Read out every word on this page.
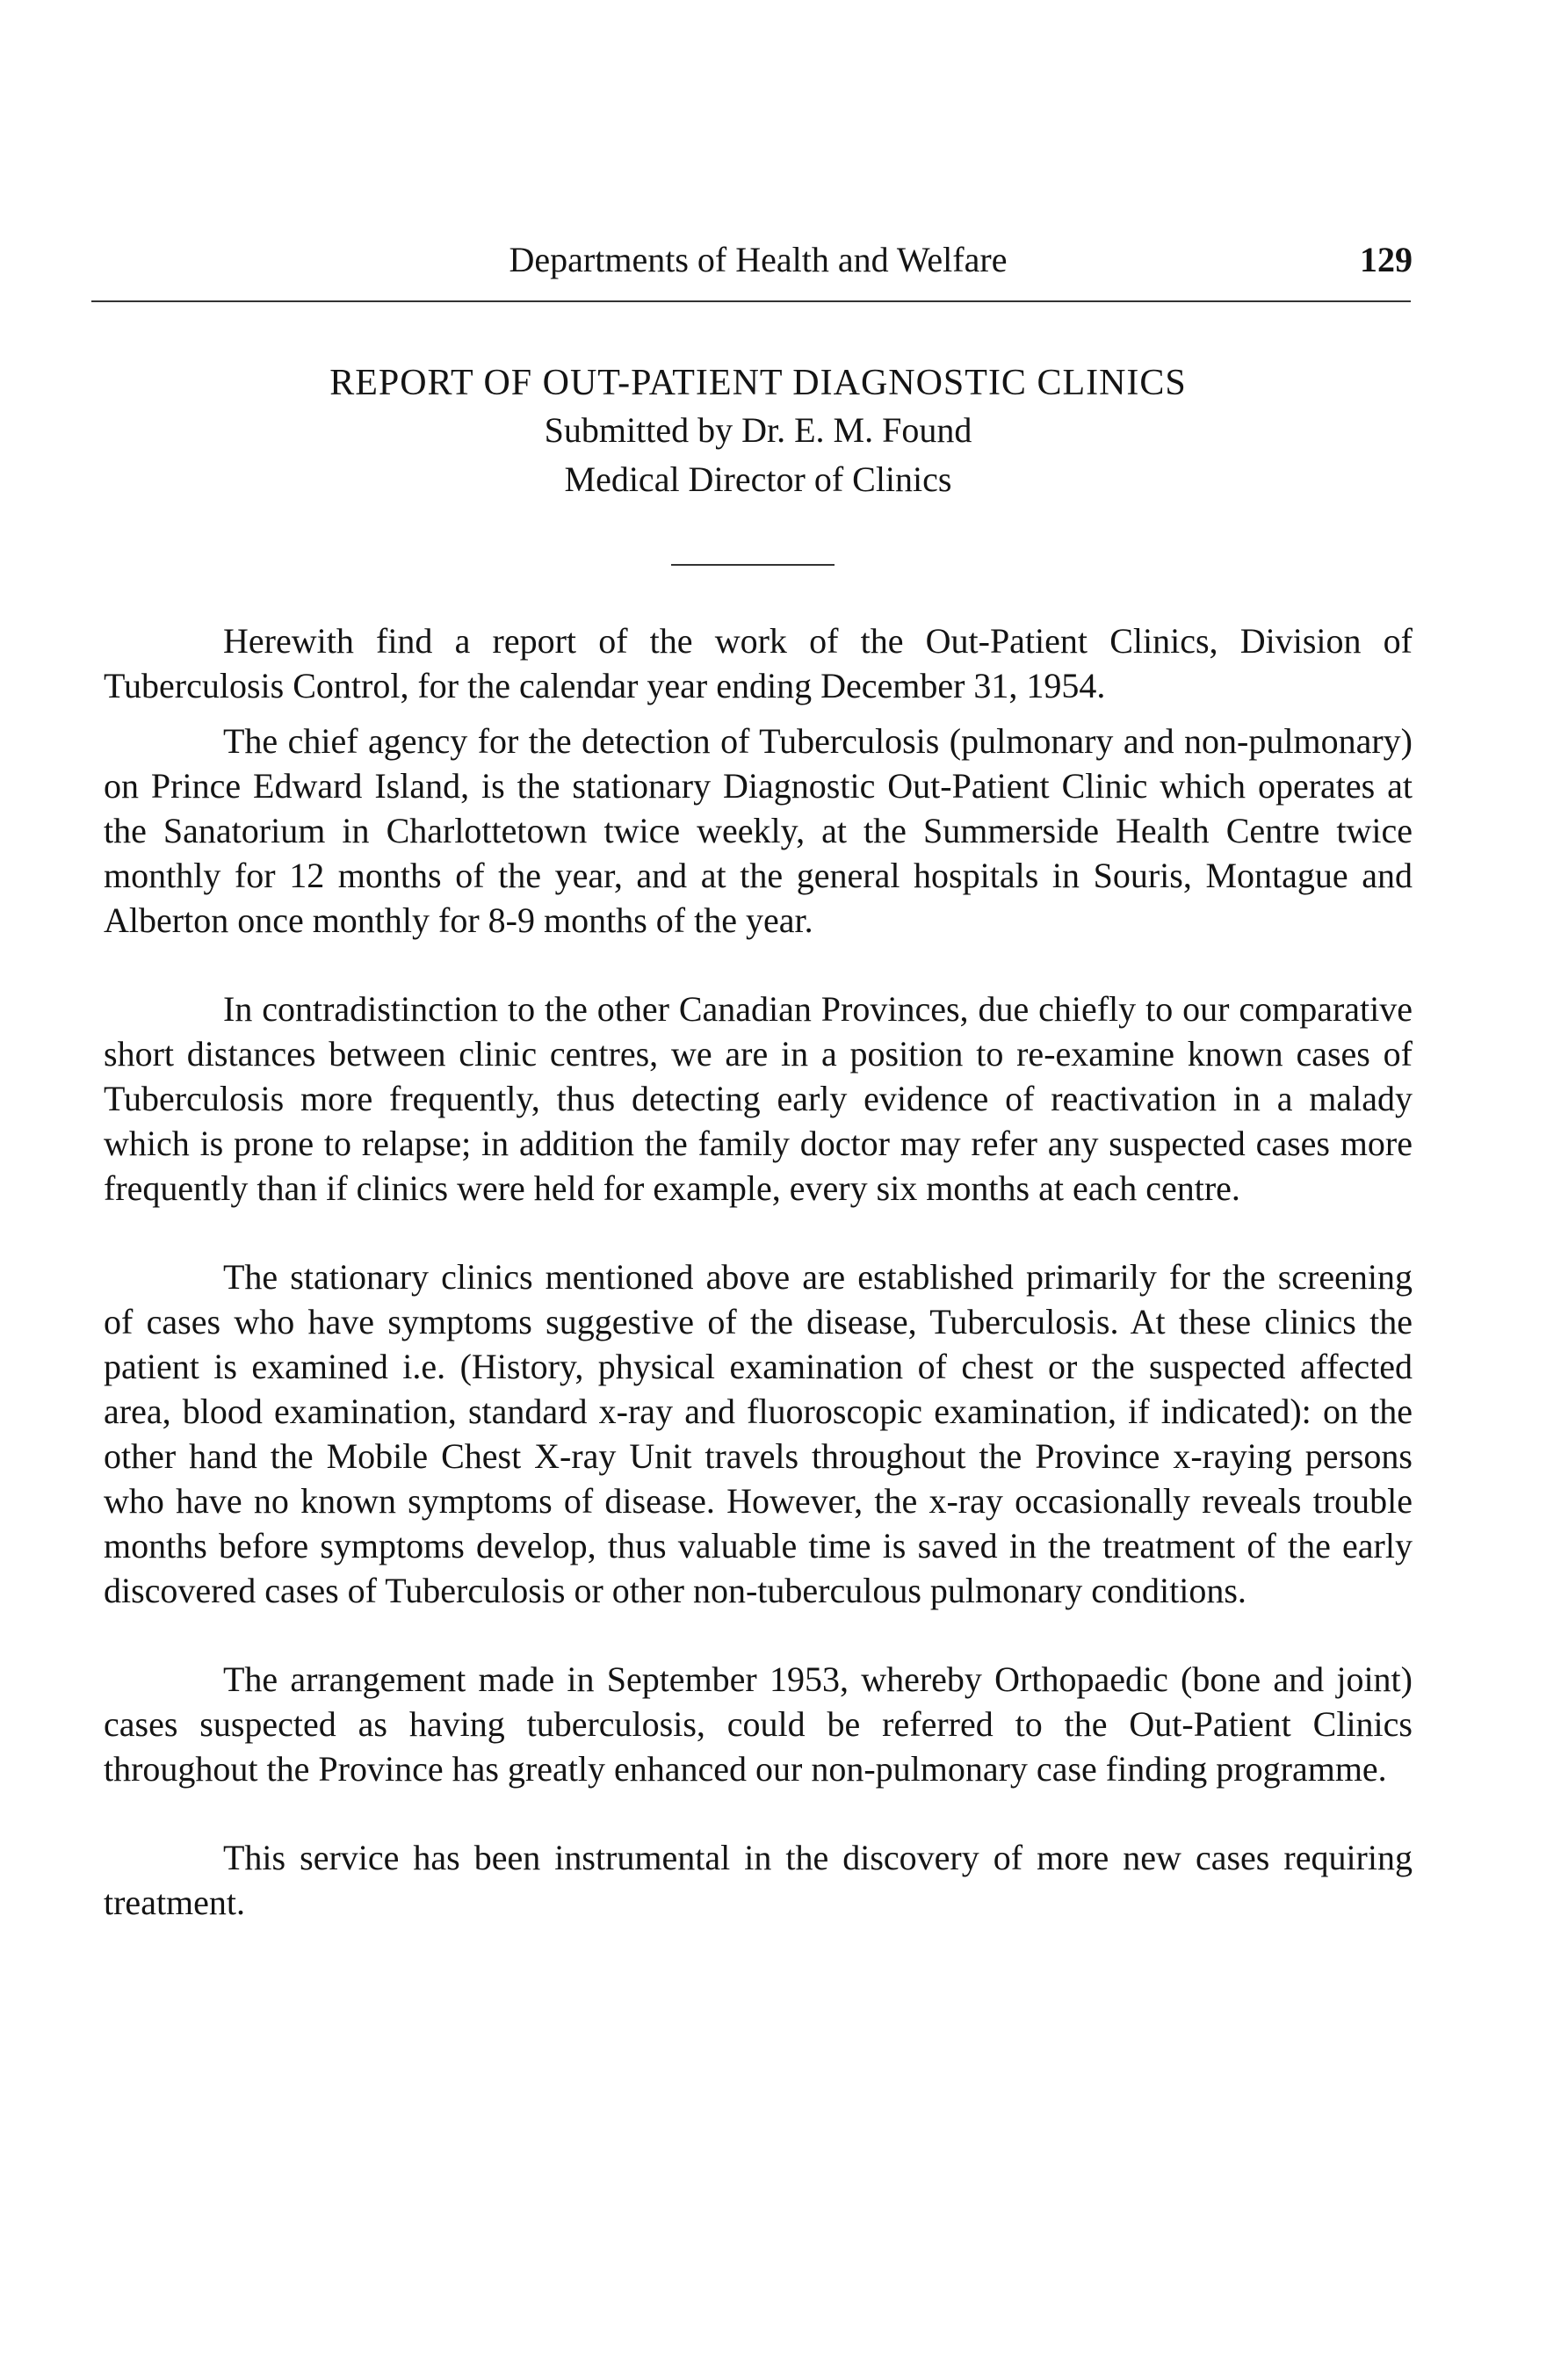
Departments of Health and Welfare	129
REPORT OF OUT-PATIENT DIAGNOSTIC CLINICS

Submitted by Dr. E. M. Found

Medical Director of Clinics

Herewith find a report of the work of the Out-Patient Clinics, Division of Tuberculosis Control, for the calendar year ending December 31, 1954.

The chief agency for the detection of Tuberculosis (pulmonary and non-pulmonary) on Prince Edward Island, is the stationary Diagnostic Out-Patient Clinic which operates at the Sanatorium in Charlottetown twice weekly, at the Summerside Health Centre twice monthly for 12 months of the year, and at the general hospitals in Souris, Montague and Alberton once monthly for 8-9 months of the year.

In contradistinction to the other Canadian Provinces, due chiefly to our comparative short distances between clinic centres, we are in a position to re-examine known cases of Tuberculosis more frequently, thus detecting early evidence of reactivation in a malady which is prone to relapse; in addition the family doctor may refer any suspected cases more frequently than if clinics were held for example, every six months at each centre.

The stationary clinics mentioned above are established primarily for the screening of cases who have symptoms suggestive of the disease, Tuberculosis. At these clinics the patient is examined i.e. (History, physical examination of chest or the suspected affected area, blood examination, standard x-ray and fluoroscopic examination, if indicated): on the other hand the Mobile Chest X-ray Unit travels throughout the Province x-raying persons who have no known symptoms of disease. However, the x-ray occasionally reveals trouble months before symptoms develop, thus valuable time is saved in the treatment of the early discovered cases of Tuberculosis or other non-tuberculous pulmonary conditions.

The arrangement made in September 1953, whereby Orthopaedic (bone and joint) cases suspected as having tuberculosis, could be referred to the Out-Patient Clinics throughout the Province has greatly enhanced our non-pulmonary case finding programme.

This service has been instrumental in the discovery of more new cases requiring treatment.
